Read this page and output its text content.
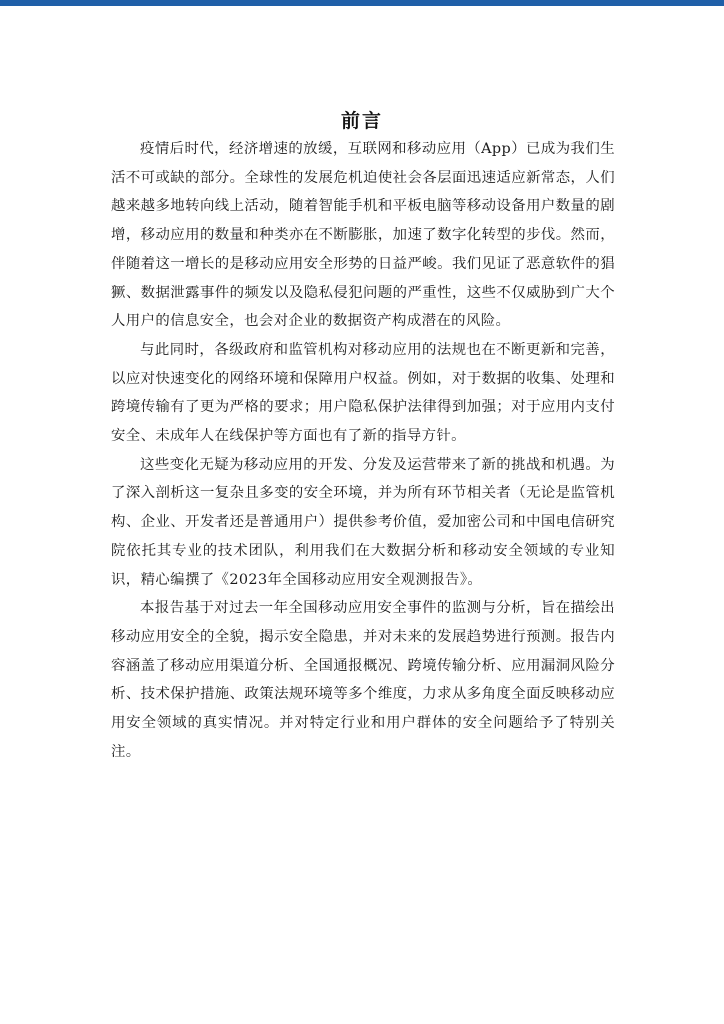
前言

疫情后时代，经济增速的放缓，互联网和移动应用（App）已成为我们生活不可或缺的部分。全球性的发展危机迫使社会各层面迅速适应新常态，人们越来越多地转向线上活动，随着智能手机和平板电脑等移动设备用户数量的剧增，移动应用的数量和种类亦在不断膨胀，加速了数字化转型的步伐。然而，伴随着这一增长的是移动应用安全形势的日益严峻。我们见证了恶意软件的猖獗、数据泄露事件的频发以及隐私侵犯问题的严重性，这些不仅威胁到广大个人用户的信息安全，也会对企业的数据资产构成潜在的风险。

与此同时，各级政府和监管机构对移动应用的法规也在不断更新和完善，以应对快速变化的网络环境和保障用户权益。例如，对于数据的收集、处理和跨境传输有了更为严格的要求；用户隐私保护法律得到加强；对于应用内支付安全、未成年人在线保护等方面也有了新的指导方针。

这些变化无疑为移动应用的开发、分发及运营带来了新的挑战和机遇。为了深入剖析这一复杂且多变的安全环境，并为所有环节相关者（无论是监管机构、企业、开发者还是普通用户）提供参考价值，爱加密公司和中国电信研究院依托其专业的技术团队，利用我们在大数据分析和移动安全领域的专业知识，精心编撰了《2023年全国移动应用安全观测报告》。

本报告基于对过去一年全国移动应用安全事件的监测与分析，旨在描绘出移动应用安全的全貌，揭示安全隐患，并对未来的发展趋势进行预测。报告内容涵盖了移动应用渠道分析、全国通报概况、跨境传输分析、应用漏洞风险分析、技术保护措施、政策法规环境等多个维度，力求从多角度全面反映移动应用安全领域的真实情况。并对特定行业和用户群体的安全问题给予了特别关注。
